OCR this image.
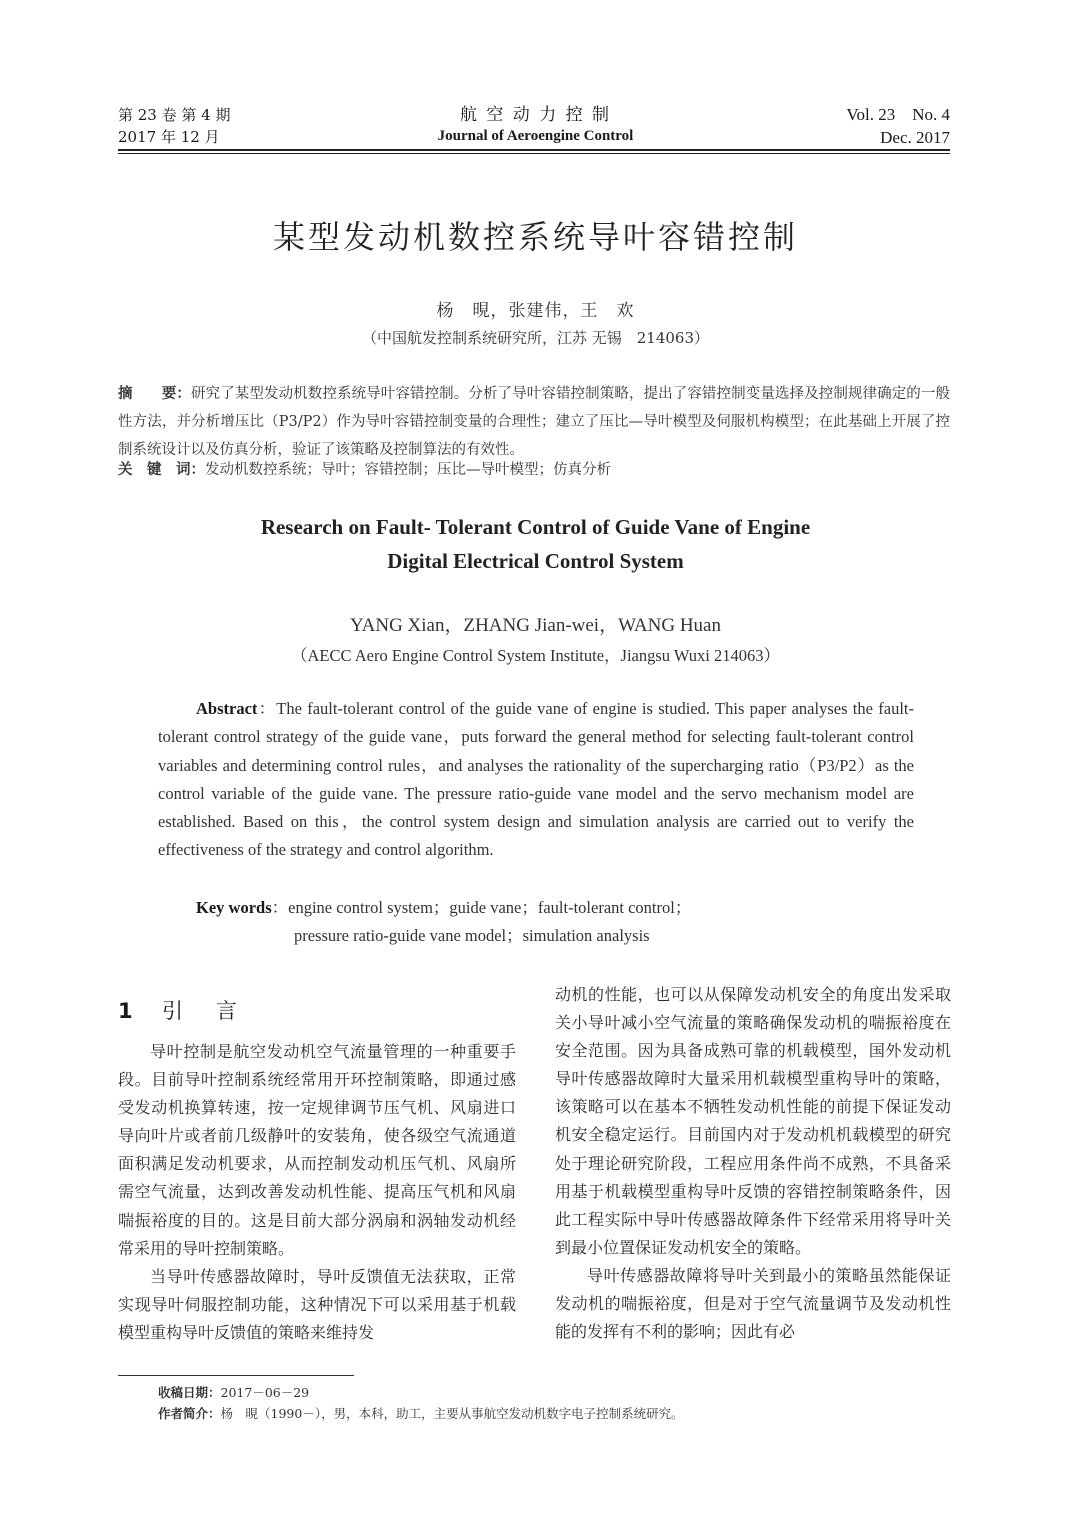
第 23 卷 第 4 期
2017 年 12 月
航 空 动 力 控 制
Journal of Aeroengine Control
Vol. 23    No. 4
Dec. 2017
某型发动机数控系统导叶容错控制
杨　晛，张建伟，王　欢
（中国航发控制系统研究所，江苏 无锡　214063）
摘　　要：研究了某型发动机数控系统导叶容错控制。分析了导叶容错控制策略，提出了容错控制变量选择及控制规律确定的一般性方法，并分析增压比（P3/P2）作为导叶容错控制变量的合理性；建立了压比—导叶模型及伺服机构模型；在此基础上开展了控制系统设计以及仿真分析，验证了该策略及控制算法的有效性。
关　键　词：发动机数控系统；导叶；容错控制；压比—导叶模型；仿真分析
Research on Fault- Tolerant Control of Guide Vane of Engine
Digital Electrical Control System
YANG Xian，ZHANG Jian-wei，WANG Huan
（AECC Aero Engine Control System Institute，Jiangsu Wuxi 214063）
Abstract：The fault-tolerant control of the guide vane of engine is studied. This paper analyses the fault-tolerant control strategy of the guide vane，puts forward the general method for selecting fault-tolerant control variables and determining control rules，and analyses the rationality of the supercharging ratio（P3/P2）as the control variable of the guide vane. The pressure ratio-guide vane model and the servo mechanism model are established. Based on this，the control system design and simulation analysis are carried out to verify the effectiveness of the strategy and control algorithm.
Key words：engine control system；guide vane；fault-tolerant control；
pressure ratio-guide vane model；simulation analysis
1 引　言

导叶控制是航空发动机空气流量管理的一种重要手段。目前导叶控制系统经常用开环控制策略，即通过感受发动机换算转速，按一定规律调节压气机、风扇进口导向叶片或者前几级静叶的安装角，使各级空气流通道面积满足发动机要求，从而控制发动机压气机、风扇所需空气流量，达到改善发动机性能、提高压气机和风扇喘振裕度的目的。这是目前大部分涡扇和涡轴发动机经常采用的导叶控制策略。

当导叶传感器故障时，导叶反馈值无法获取，正常实现导叶伺服控制功能，这种情况下可以采用基于机载模型重构导叶反馈值的策略来维持发

动机的性能，也可以从保障发动机安全的角度出发采取关小导叶减小空气流量的策略确保发动机的喘振裕度在安全范围。因为具备成熟可靠的机载模型，国外发动机导叶传感器故障时大量采用机载模型重构导叶的策略，该策略可以在基本不牺牲发动机性能的前提下保证发动机安全稳定运行。目前国内对于发动机机载模型的研究处于理论研究阶段，工程应用条件尚不成熟，不具备采用基于机载模型重构导叶反馈的容错控制策略条件，因此工程实际中导叶传感器故障条件下经常采用将导叶关到最小位置保证发动机安全的策略。

导叶传感器故障将导叶关到最小的策略虽然能保证发动机的喘振裕度，但是对于空气流量调节及发动机性能的发挥有不利的影响；因此有必

收稿日期：2017－06－29
作者简介：杨　晛（1990－），男，本科，助工，主要从事航空发动机数字电子控制系统研究。
